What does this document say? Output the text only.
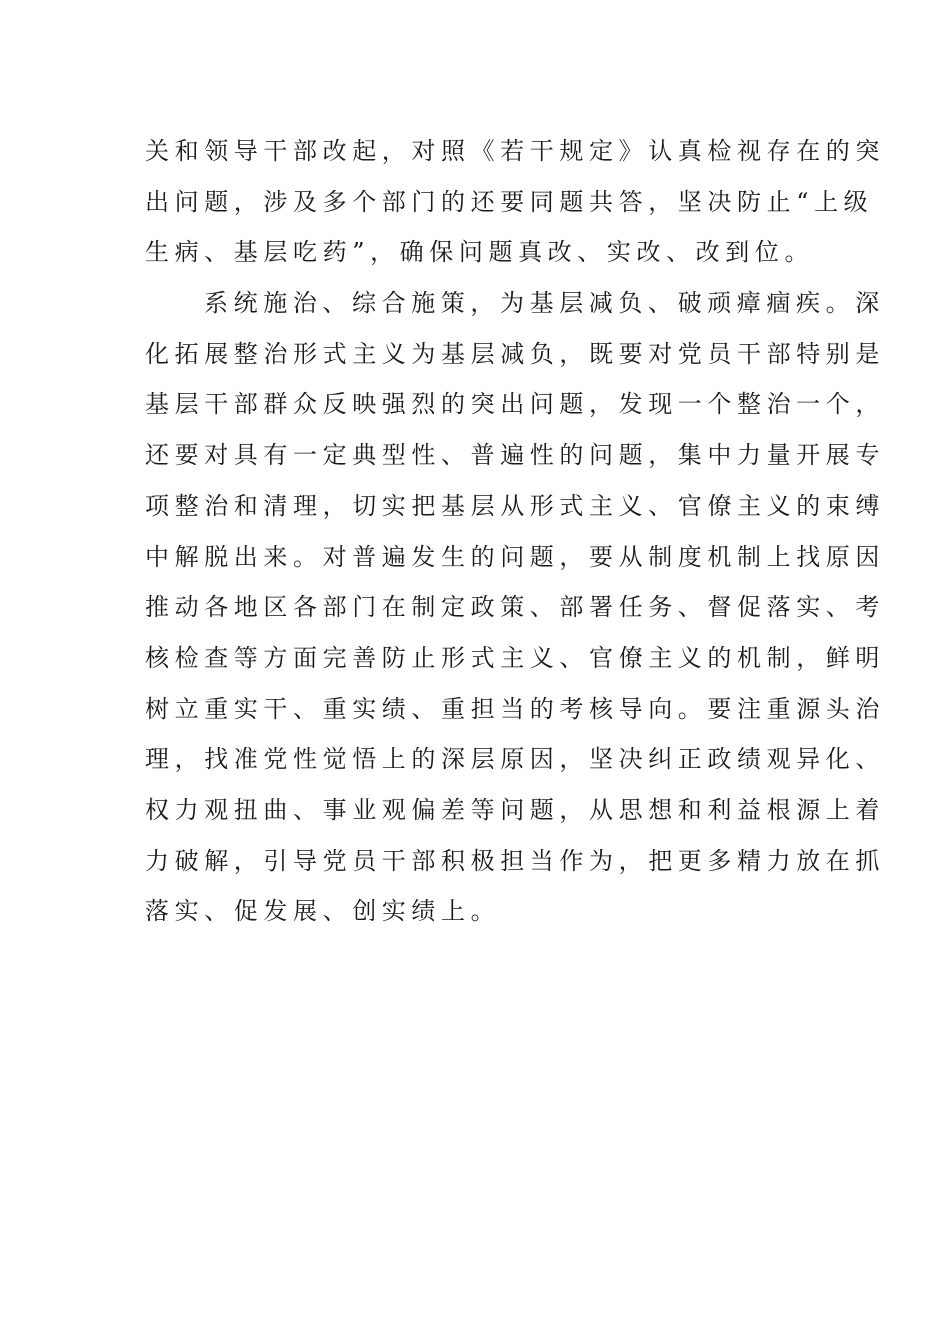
关和领导干部改起，对照《若干规定》认真检视存在的突
出问题，涉及多个部门的还要同题共答，坚决防止“上级
生病、基层吃药”，确保问题真改、实改、改到位。
系统施治、综合施策，为基层减负、破顽瘴痼疾。深
化拓展整治形式主义为基层减负，既要对党员干部特别是
基层干部群众反映强烈的突出问题，发现一个整治一个，
还要对具有一定典型性、普遍性的问题，集中力量开展专
项整治和清理，切实把基层从形式主义、官僚主义的束缚
中解脱出来。对普遍发生的问题，要从制度机制上找原因
推动各地区各部门在制定政策、部署任务、督促落实、考
核检查等方面完善防止形式主义、官僚主义的机制，鲜明
树立重实干、重实绩、重担当的考核导向。要注重源头治
理，找准党性觉悟上的深层原因，坚决纠正政绩观异化、
权力观扭曲、事业观偏差等问题，从思想和利益根源上着
力破解，引导党员干部积极担当作为，把更多精力放在抓
落实、促发展、创实绩上。
